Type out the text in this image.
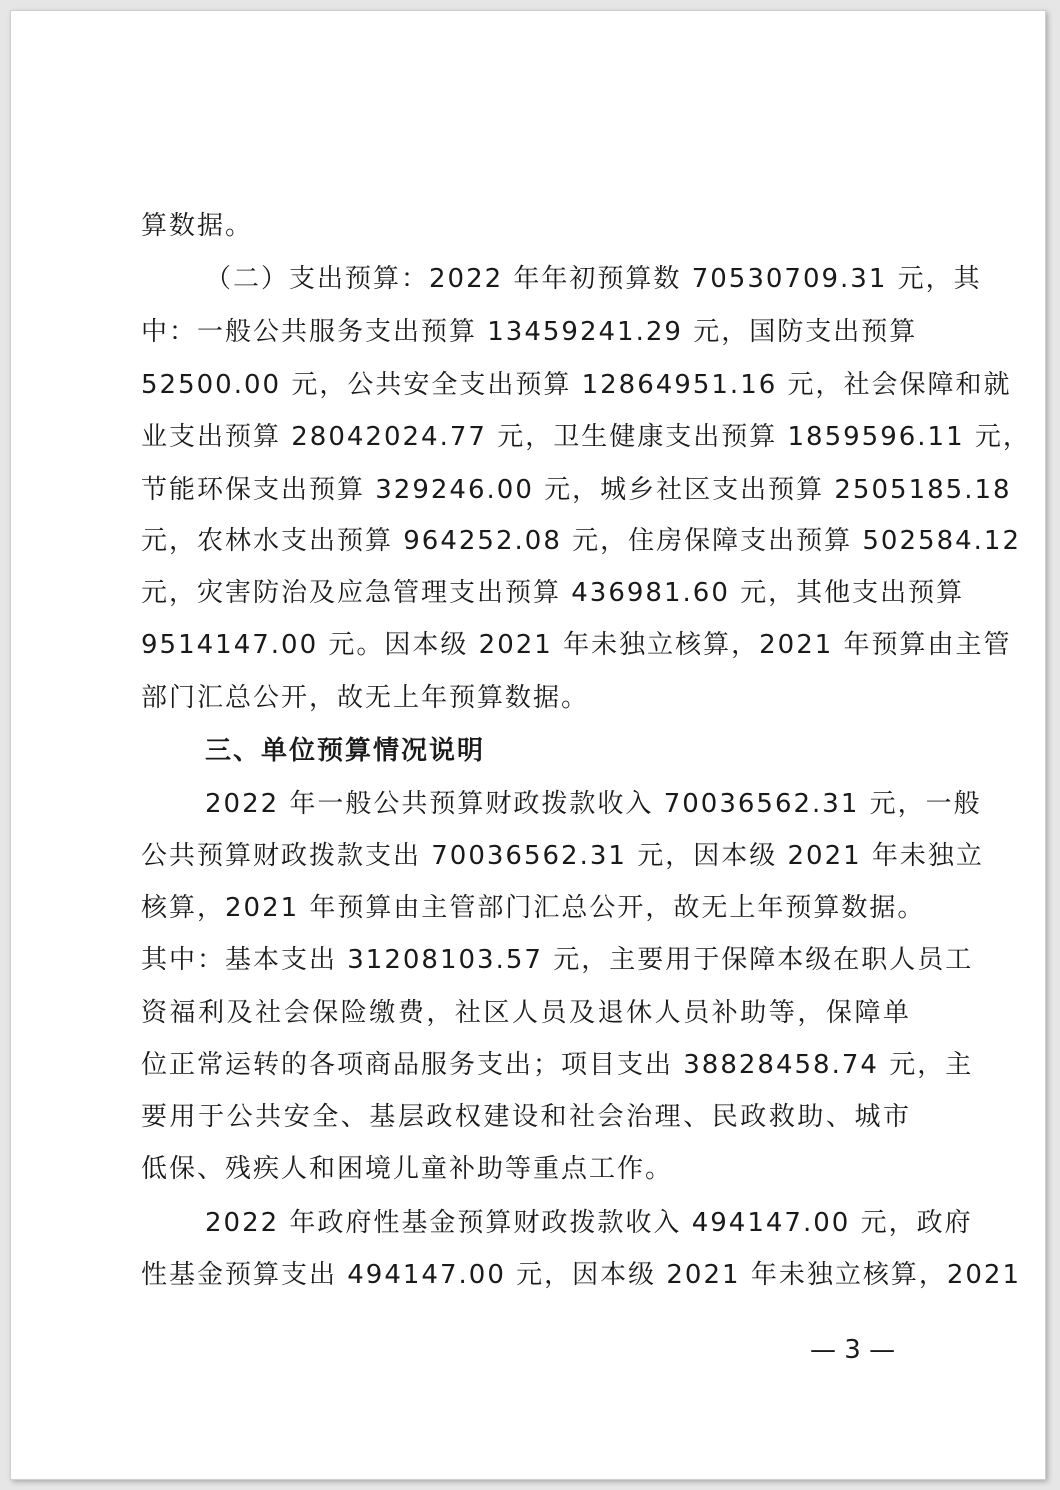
算数据。
（二）支出预算：2022 年年初预算数 70530709.31 元，其
中：一般公共服务支出预算 13459241.29 元，国防支出预算
52500.00 元，公共安全支出预算 12864951.16 元，社会保障和就
业支出预算 28042024.77 元，卫生健康支出预算 1859596.11 元，
节能环保支出预算 329246.00 元，城乡社区支出预算 2505185.18
元，农林水支出预算 964252.08 元，住房保障支出预算 502584.12
元，灾害防治及应急管理支出预算 436981.60 元，其他支出预算
9514147.00 元。因本级 2021 年未独立核算，2021 年预算由主管
部门汇总公开，故无上年预算数据。
三、单位预算情况说明
2022 年一般公共预算财政拨款收入 70036562.31 元，一般
公共预算财政拨款支出 70036562.31 元，因本级 2021 年未独立
核算，2021 年预算由主管部门汇总公开，故无上年预算数据。
其中：基本支出 31208103.57 元，主要用于保障本级在职人员工
资福利及社会保险缴费，社区人员及退休人员补助等，保障单
位正常运转的各项商品服务支出；项目支出 38828458.74 元，主
要用于公共安全、基层政权建设和社会治理、民政救助、城市
低保、残疾人和困境儿童补助等重点工作。
2022 年政府性基金预算财政拨款收入 494147.00 元，政府
性基金预算支出 494147.00 元，因本级 2021 年未独立核算，2021
— 3 —
